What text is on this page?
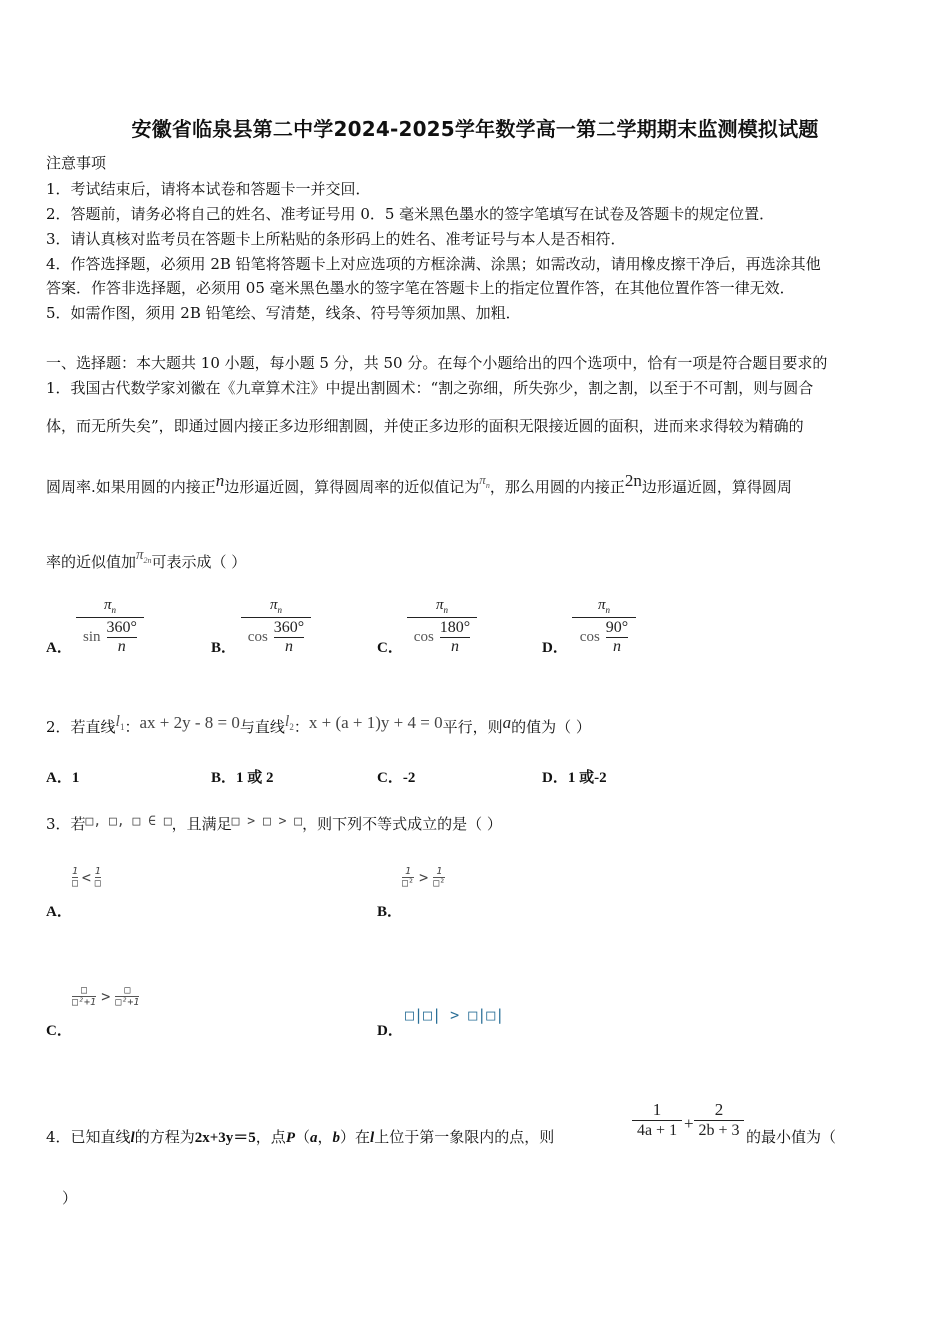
安徽省临泉县第二中学2024-2025学年数学高一第二学期期末监测模拟试题
注意事项
1．考试结束后，请将本试卷和答题卡一并交回．
2．答题前，请务必将自己的姓名、准考证号用 0．5 毫米黑色墨水的签字笔填写在试卷及答题卡的规定位置．
3．请认真核对监考员在答题卡上所粘贴的条形码上的姓名、准考证号与本人是否相符．
4．作答选择题，必须用 2B 铅笔将答题卡上对应选项的方框涂满、涂黑；如需改动，请用橡皮擦干净后，再选涂其他
答案．作答非选择题，必须用 05 毫米黑色墨水的签字笔在答题卡上的指定位置作答，在其他位置作答一律无效．
5．如需作图，须用 2B 铅笔绘、写清楚，线条、符号等须加黑、加粗．
一、选择题：本大题共 10 小题，每小题 5 分，共 50 分。在每个小题给出的四个选项中，恰有一项是符合题目要求的
1．我国古代数学家刘徽在《九章算术注》中提出割圆术：“割之弥细，所失弥少，割之割，以至于不可割，则与圆合
体，而无所失矣”，即通过圆内接正多边形细割圆，并使正多边形的面积无限接近圆的面积，进而来求得较为精确的
圆周率.如果用圆的内接正n边形逼近圆，算得圆周率的近似值记为$\pi_n$，那么用圆的内接正2n边形逼近圆，算得圆周
率的近似值加$\pi_{2n}$可表示成（ ）
A．
$\pi_n$
$\sin \frac{360^\circ}{n}$	B．
$\pi_n$
$\cos \frac{360^\circ}{n}$	C．
$\pi_n$
$\cos \frac{180^\circ}{n}$	D．
$\pi_n$
$\cos \frac{90^\circ}{n}$
2．若直线$l_1$：ax + 2y - 8 = 0与直线$l_2$：x + (a + 1)y + 4 = 0平行，则a的值为（ ）
A．1	B．1 或 2	C．-2	D．1 或-2
3．若□, □, □ ∈ □，且满足□ > □ > □，则下列不等式成立的是（ ）
A．
1
□ < 1
□
B．
1
□² > 1
□²
C．
□
□²+1 >	□
□²+1
D．
□|□| > □|□|
4．已知直线l的方程为2x+3y＝5，点P（a，b）在l上位于第一象限内的点，则
1
4a + 1 +
2
2b + 3 的最小值为（
）
